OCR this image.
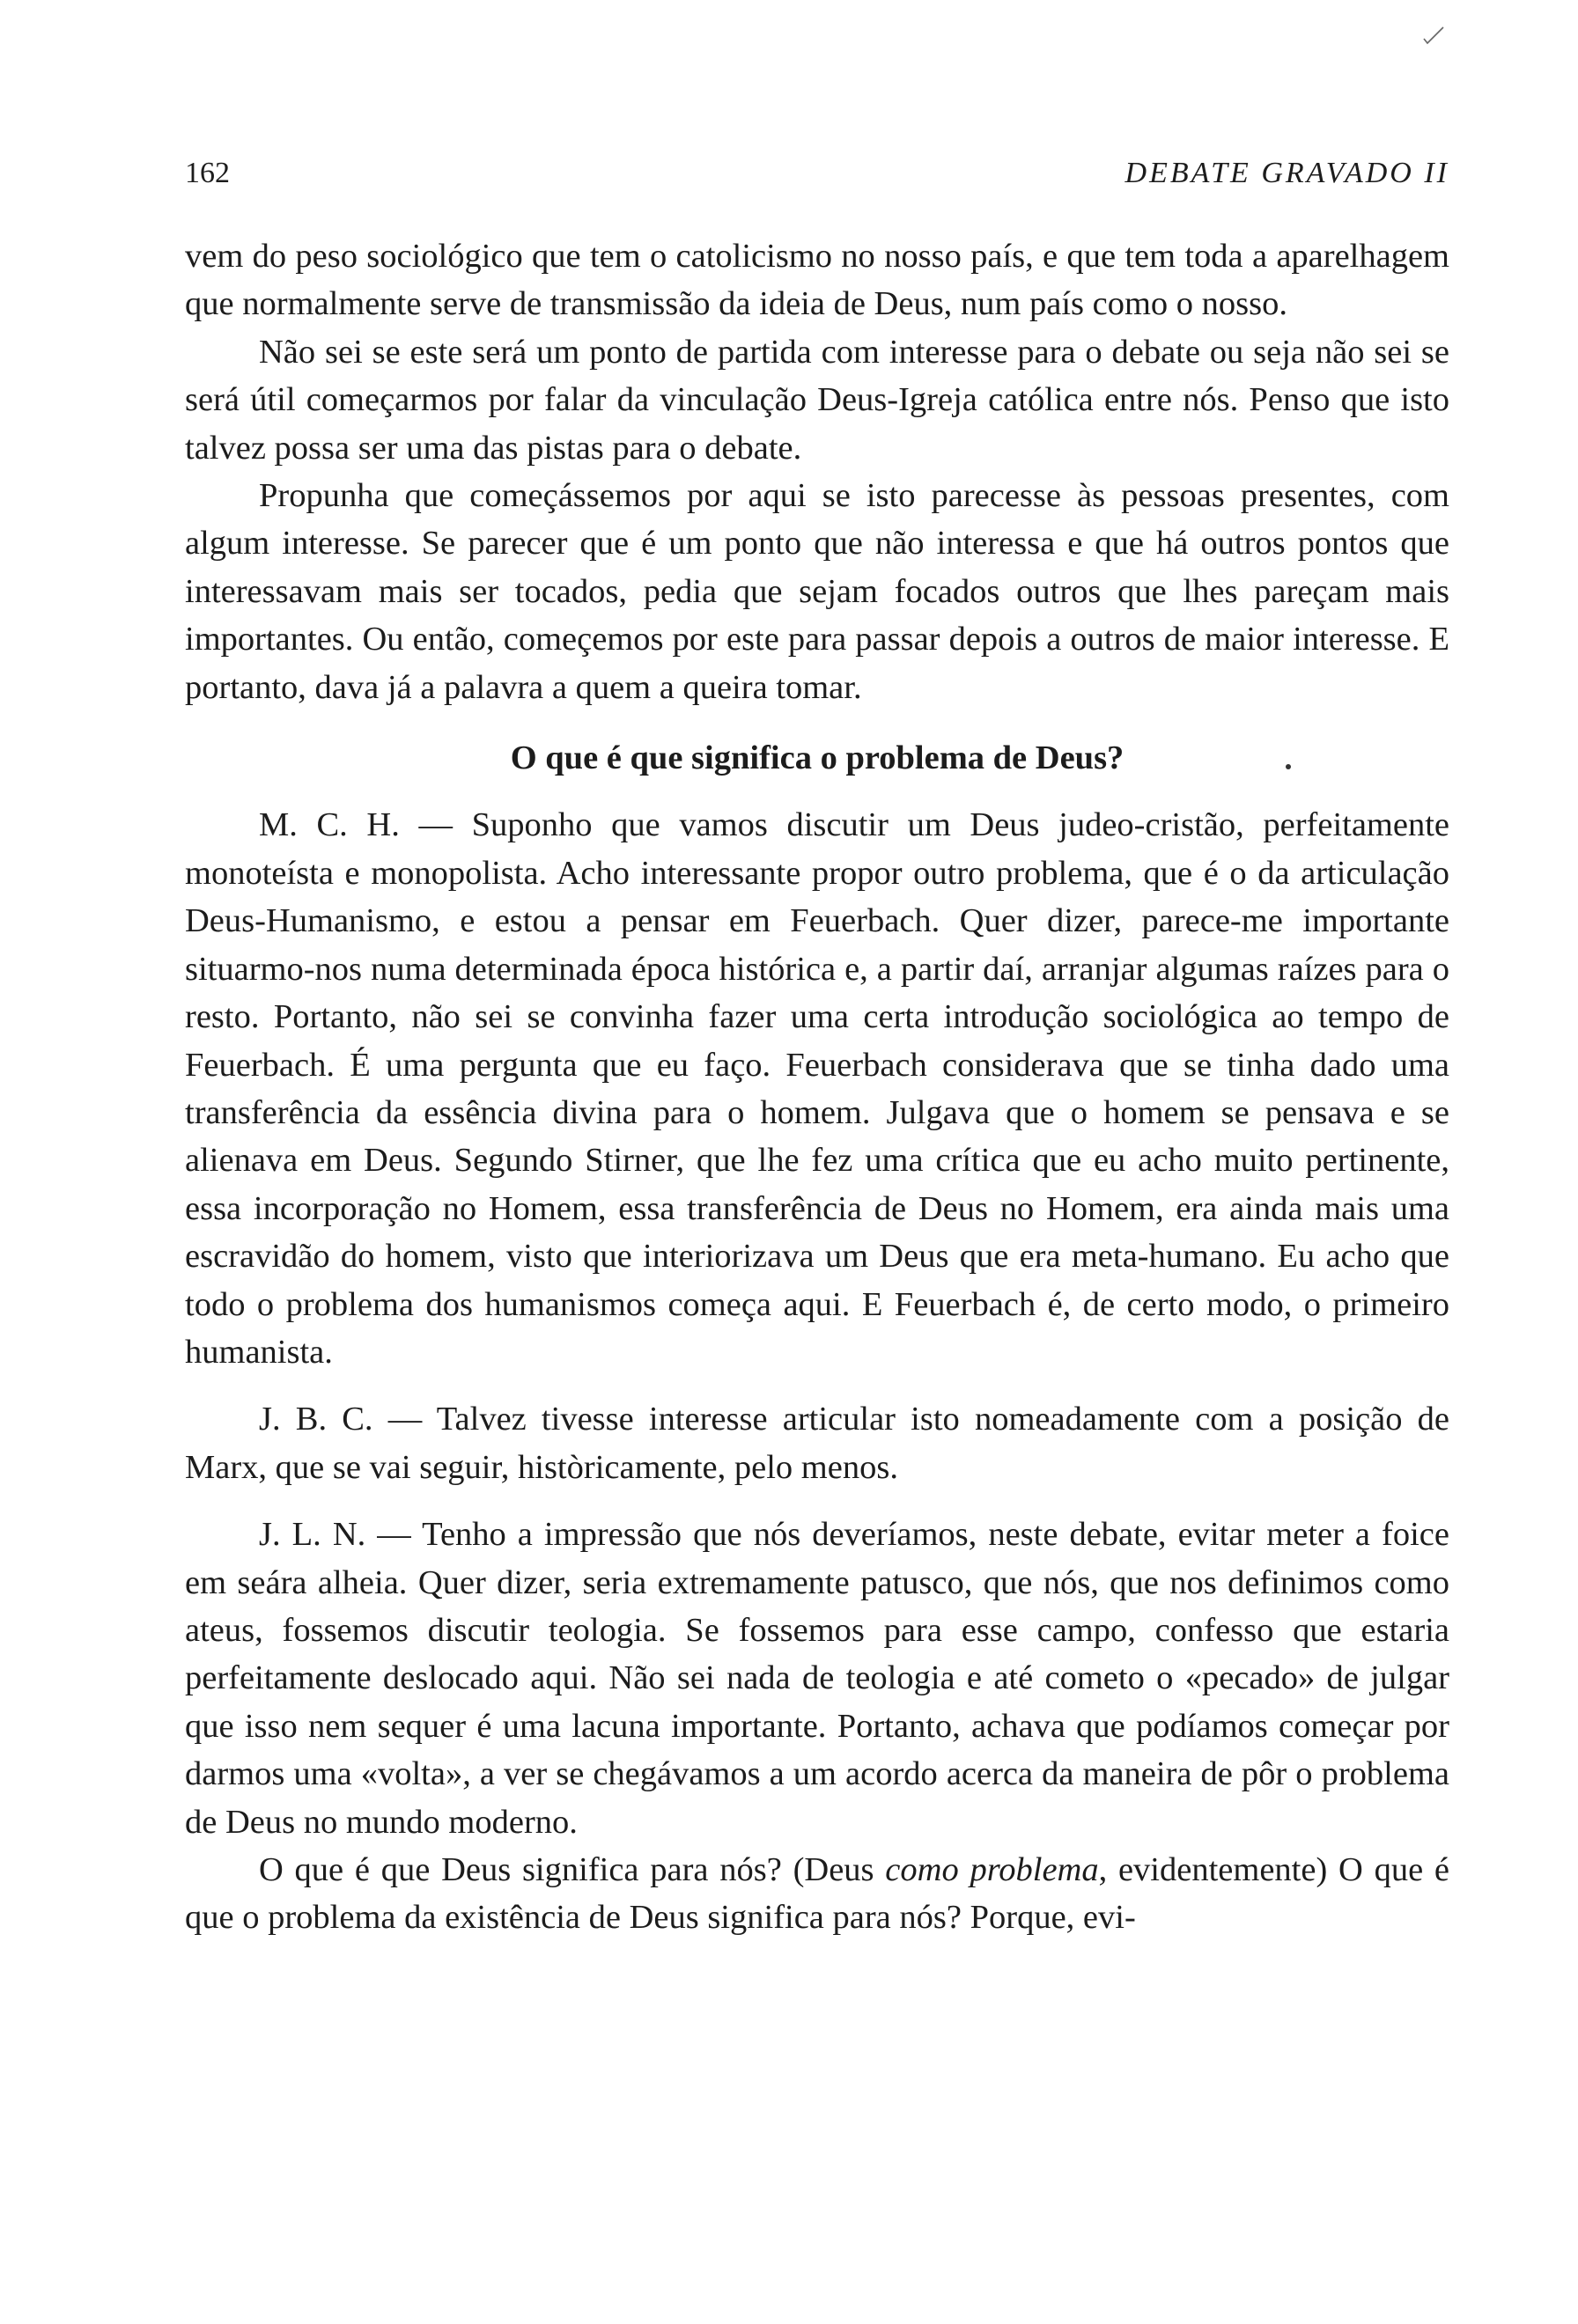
162	DEBATE GRAVADO II

vem do peso sociológico que tem o catolicismo no nosso país, e que tem toda a aparelhagem que normalmente serve de transmissão da ideia de Deus, num país como o nosso.

Não sei se este será um ponto de partida com interesse para o debate ou seja não sei se será útil começarmos por falar da vinculação Deus-Igreja católica entre nós. Penso que isto talvez possa ser uma das pistas para o debate.

Propunha que começássemos por aqui se isto parecesse às pessoas presentes, com algum interesse. Se parecer que é um ponto que não interessa e que há outros pontos que interessavam mais ser tocados, pedia que sejam focados outros que lhes pareçam mais importantes. Ou então, começemos por este para passar depois a outros de maior interesse. E portanto, dava já a palavra a quem a queira tomar.

O que é que significa o problema de Deus?

M. C. H. — Suponho que vamos discutir um Deus judeo-cristão, perfeitamente monoteísta e monopolista. Acho interessante propor outro problema, que é o da articulação Deus-Humanismo, e estou a pensar em Feuerbach. Quer dizer, parece-me importante situarmo-nos numa determinada época histórica e, a partir daí, arranjar algumas raízes para o resto. Portanto, não sei se convinha fazer uma certa introdução sociológica ao tempo de Feuerbach. É uma pergunta que eu faço. Feuerbach considerava que se tinha dado uma transferência da essência divina para o homem. Julgava que o homem se pensava e se alienava em Deus. Segundo Stirner, que lhe fez uma crítica que eu acho muito pertinente, essa incorporação no Homem, essa transferência de Deus no Homem, era ainda mais uma escravidão do homem, visto que interiorizava um Deus que era meta-humano. Eu acho que todo o problema dos humanismos começa aqui. E Feuerbach é, de certo modo, o primeiro humanista.

J. B. C. — Talvez tivesse interesse articular isto nomeadamente com a posição de Marx, que se vai seguir, històricamente, pelo menos.

J. L. N. — Tenho a impressão que nós deveríamos, neste debate, evitar meter a foice em seára alheia. Quer dizer, seria extremamente patusco, que nós, que nos definimos como ateus, fossemos discutir teologia. Se fossemos para esse campo, confesso que estaria perfeitamente deslocado aqui. Não sei nada de teologia e até cometo o «pecado» de julgar que isso nem sequer é uma lacuna importante. Portanto, achava que podíamos começar por darmos uma «volta», a ver se chegávamos a um acordo acerca da maneira de pôr o problema de Deus no mundo moderno.

O que é que Deus significa para nós? (Deus como problema, evidentemente) O que é que o problema da existência de Deus significa para nós? Porque, evi-
